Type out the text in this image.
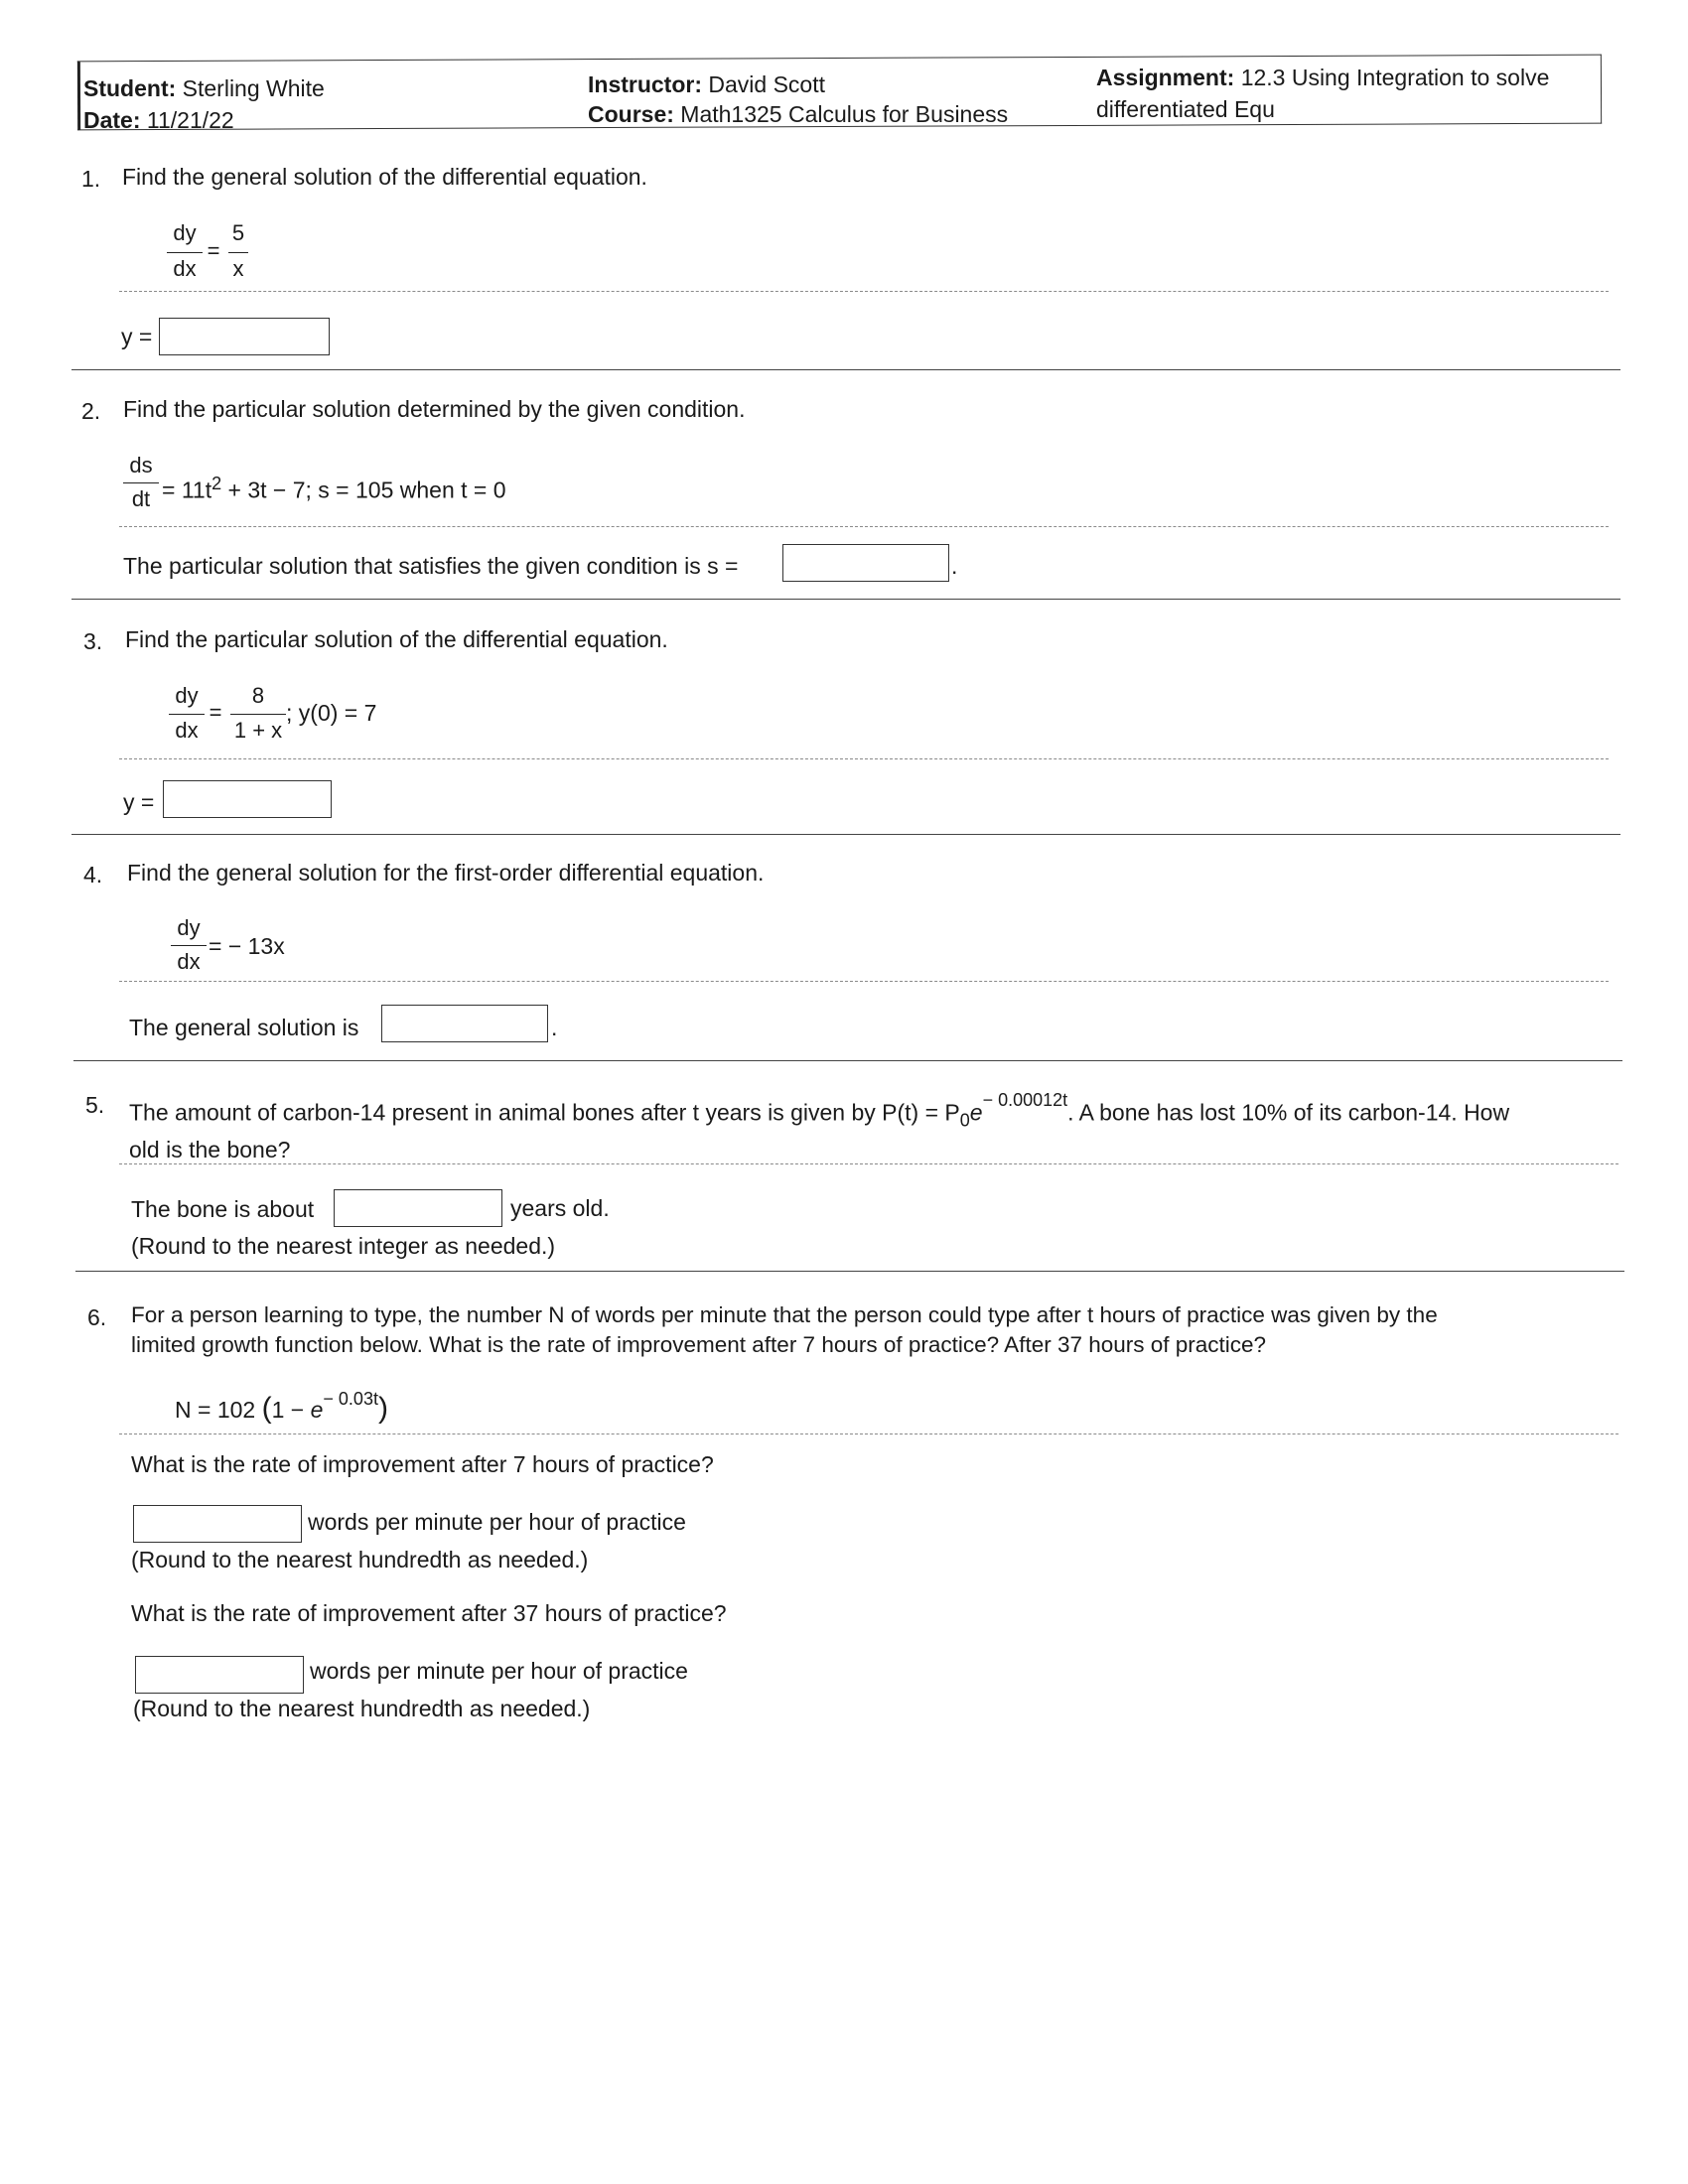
Student: Sterling White
Date: 11/21/22
Instructor: David Scott
Course: Math1325 Calculus for Business
Assignment: 12.3 Using Integration to solve
differentiated Equ
1. Find the general solution of the differential equation.
dy
dx
=
5
x
y =
2. Find the particular solution determined by the given condition.
ds
dt = $11t^2 + 3t - 7$; s = 105 when t = 0
The particular solution that satisfies the given condition is s =	.
3. Find the particular solution of the differential equation.
dy
dx
=
8
1 + x
; y(0) = 7
y =
4. Find the general solution for the first-order differential equation.
dy
dx
= − 13x
The general solution is	.
5. The amount of carbon-14 present in animal bones after t years is given by $P(t) = P_0e^{- 0.00012t}$. A bone has lost 10% of its carbon-14. How
old is the bone?
The bone is about	years old.
(Round to the nearest integer as needed.)
6. For a person learning to type, the number N of words per minute that the person could type after t hours of practice was given by the
limited growth function below. What is the rate of improvement after 7 hours of practice? After 37 hours of practice?
N = 102 $(1 - e^{- 0.03t})$
What is the rate of improvement after 7 hours of practice?
words per minute per hour of practice
(Round to the nearest hundredth as needed.)
What is the rate of improvement after 37 hours of practice?
words per minute per hour of practice
(Round to the nearest hundredth as needed.)
